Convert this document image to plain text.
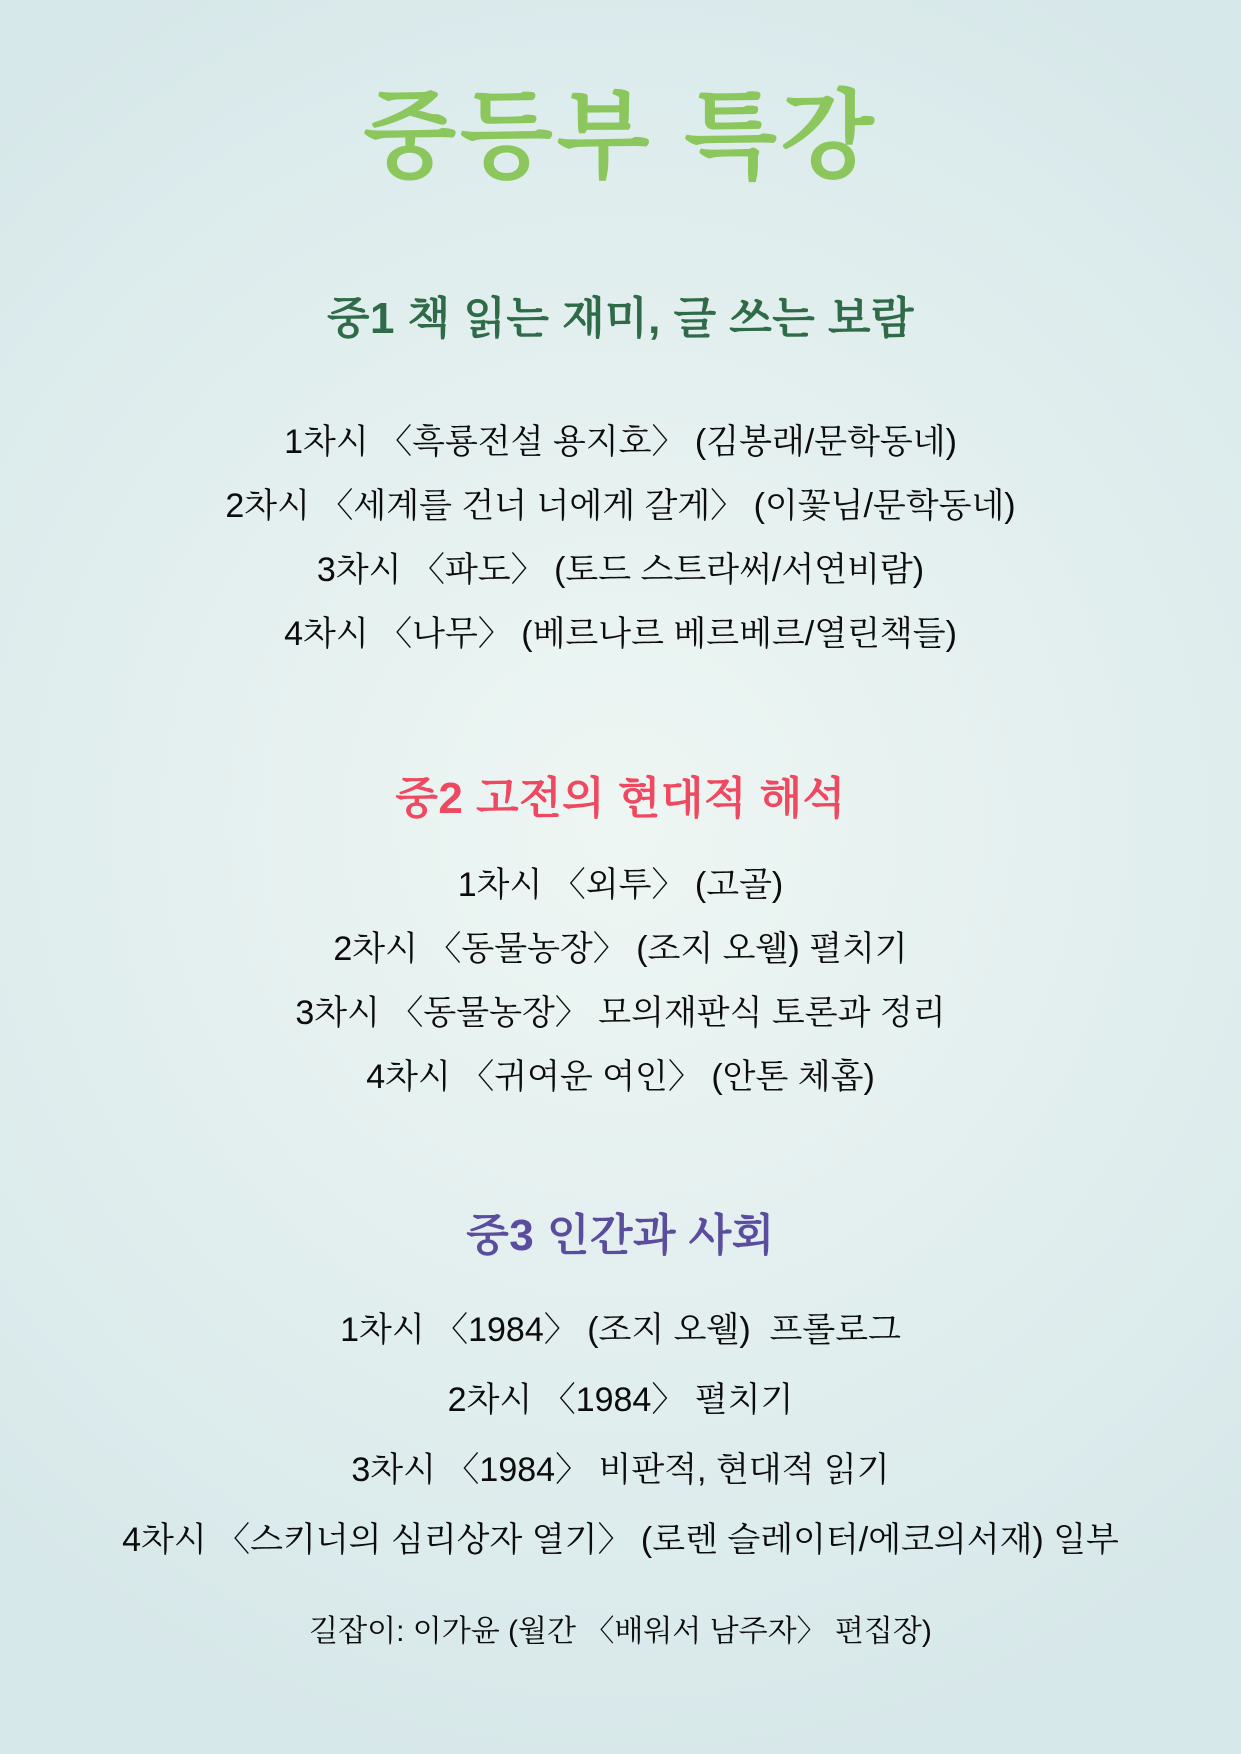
중등부 특강
중1 책 읽는 재미, 글 쓰는 보람
1차시 〈흑룡전설 용지호〉 (김봉래/문학동네)
2차시 〈세계를 건너 너에게 갈게〉 (이꽃님/문학동네)
3차시 〈파도〉 (토드 스트라써/서연비람)
4차시 〈나무〉 (베르나르 베르베르/열린책들)
중2 고전의 현대적 해석
1차시 〈외투〉 (고골)
2차시 〈동물농장〉 (조지 오웰) 펼치기
3차시 〈동물농장〉 모의재판식 토론과 정리
4차시 〈귀여운 여인〉 (안톤 체홉)
중3 인간과 사회
1차시 〈1984〉 (조지 오웰)  프롤로그
2차시 〈1984〉 펼치기
3차시 〈1984〉 비판적, 현대적 읽기
4차시 〈스키너의 심리상자 열기〉 (로렌 슬레이터/에코의서재) 일부
길잡이: 이가윤 (월간 〈배워서 남주자〉 편집장)
